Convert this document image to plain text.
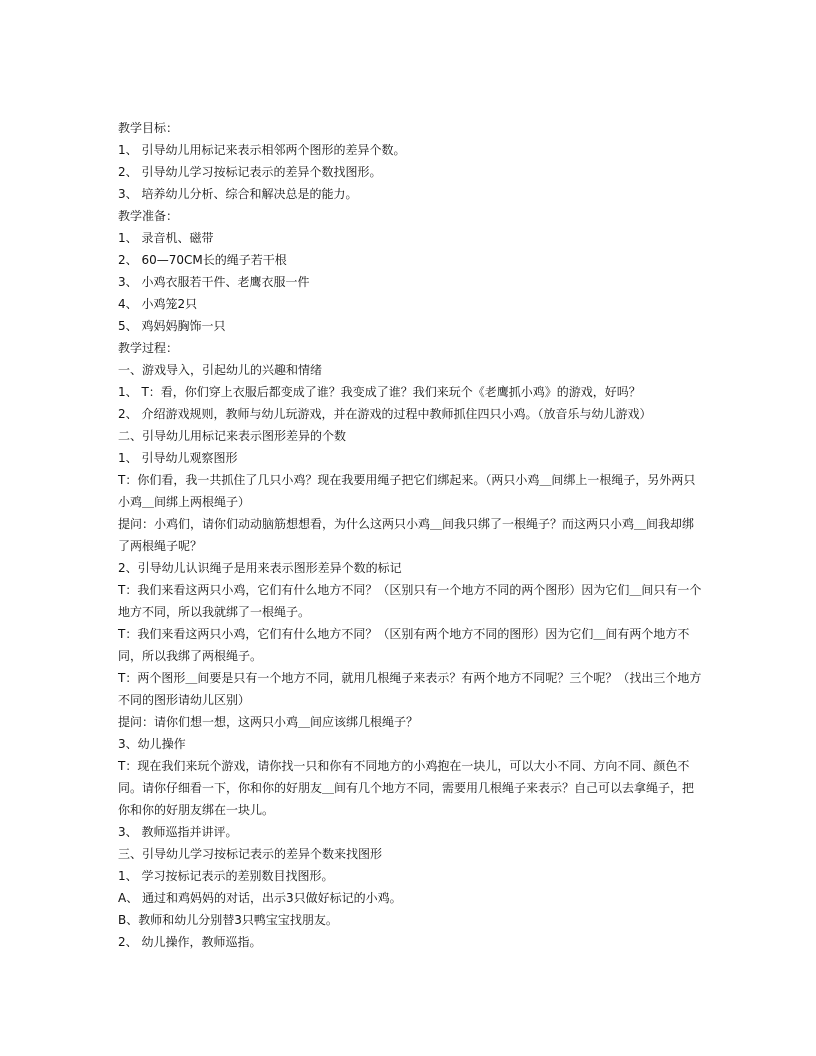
教学目标：
1、 引导幼儿用标记来表示相邻两个图形的差异个数。
2、 引导幼儿学习按标记表示的差异个数找图形。
3、 培养幼儿分析、综合和解决总是的能力。
教学准备：
1、 录音机、磁带
2、 60—70CM长的绳子若干根
3、 小鸡衣服若干件、老鹰衣服一件
4、 小鸡笼2只
5、 鸡妈妈胸饰一只
教学过程：
一、游戏导入，引起幼儿的兴趣和情绪
1、 T：看，你们穿上衣服后都变成了谁？我变成了谁？我们来玩个《老鹰抓小鸡》的游戏，好吗？
2、 介绍游戏规则，教师与幼儿玩游戏，并在游戏的过程中教师抓住四只小鸡。（放音乐与幼儿游戏）
二、引导幼儿用标记来表示图形差异的个数
1、 引导幼儿观察图形
T：你们看，我一共抓住了几只小鸡？现在我要用绳子把它们绑起来。（两只小鸡＿间绑上一根绳子，另外两只小鸡＿间绑上两根绳子）
提问：小鸡们，请你们动动脑筋想想看，为什么这两只小鸡＿间我只绑了一根绳子？而这两只小鸡＿间我却绑了两根绳子呢？
2、引导幼儿认识绳子是用来表示图形差异个数的标记
T：我们来看这两只小鸡，它们有什么地方不同？（区别只有一个地方不同的两个图形）因为它们＿间只有一个地方不同，所以我就绑了一根绳子。
T：我们来看这两只小鸡，它们有什么地方不同？（区别有两个地方不同的图形）因为它们＿间有两个地方不同，所以我绑了两根绳子。
T：两个图形＿间要是只有一个地方不同，就用几根绳子来表示？有两个地方不同呢？三个呢？（找出三个地方不同的图形请幼儿区别）
提问：请你们想一想，这两只小鸡＿间应该绑几根绳子？
3、幼儿操作
T：现在我们来玩个游戏，请你找一只和你有不同地方的小鸡抱在一块儿，可以大小不同、方向不同、颜色不同。请你仔细看一下，你和你的好朋友＿间有几个地方不同，需要用几根绳子来表示？自己可以去拿绳子，把你和你的好朋友绑在一块儿。
3、 教师巡指并讲评。
三、引导幼儿学习按标记表示的差异个数来找图形
1、 学习按标记表示的差别数目找图形。
A、 通过和鸡妈妈的对话，出示3只做好标记的小鸡。
B、教师和幼儿分别替3只鸭宝宝找朋友。
2、 幼儿操作，教师巡指。
